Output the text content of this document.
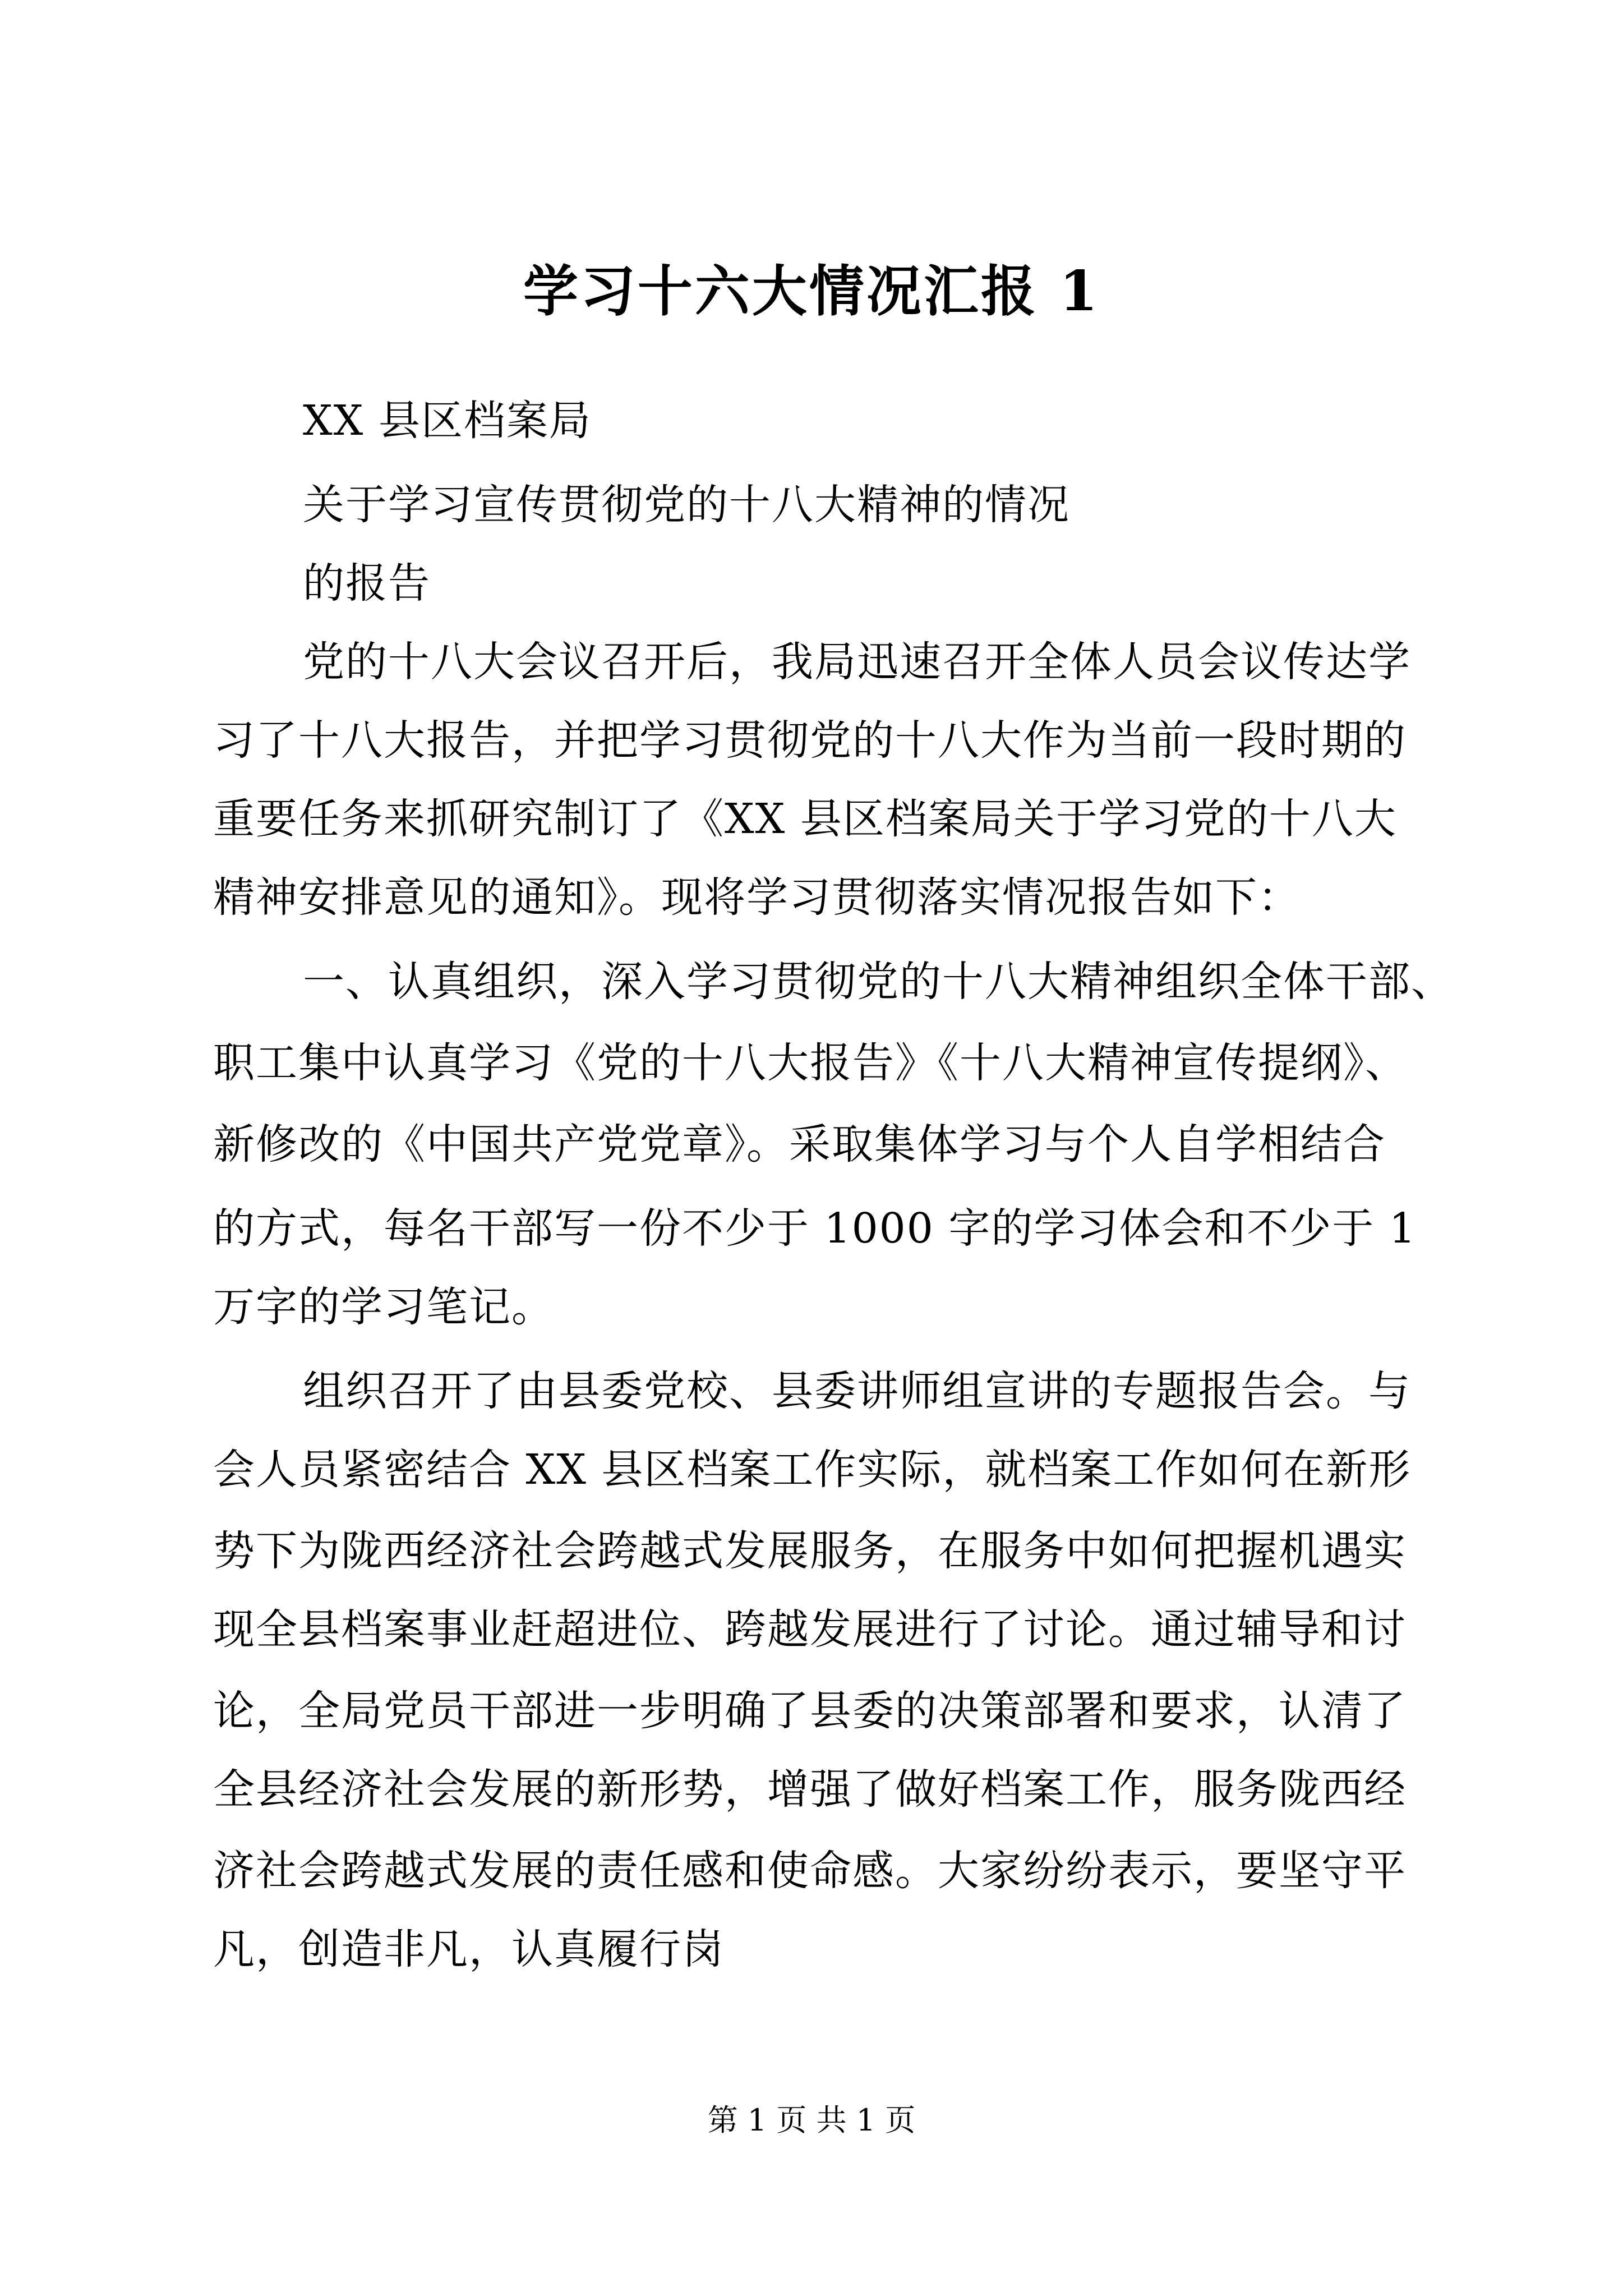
学习十六大情况汇报 1
XX 县区档案局
关于学习宣传贯彻党的十八大精神的情况
的报告
党的十八大会议召开后，我局迅速召开全体人员会议传达学
习了十八大报告，并把学习贯彻党的十八大作为当前一段时期的
重要任务来抓研究制订了《XX 县区档案局关于学习党的十八大
精神安排意见的通知》。现将学习贯彻落实情况报告如下：
一、认真组织，深入学习贯彻党的十八大精神组织全体干部、
职工集中认真学习《党的十八大报告》《十八大精神宣传提纲》、
新修改的《中国共产党党章》。采取集体学习与个人自学相结合
的方式，每名干部写一份不少于 1000 字的学习体会和不少于 1
万字的学习笔记。
组织召开了由县委党校、县委讲师组宣讲的专题报告会。与
会人员紧密结合 XX 县区档案工作实际，就档案工作如何在新形
势下为陇西经济社会跨越式发展服务，在服务中如何把握机遇实
现全县档案事业赶超进位、跨越发展进行了讨论。通过辅导和讨
论，全局党员干部进一步明确了县委的决策部署和要求，认清了
全县经济社会发展的新形势，增强了做好档案工作，服务陇西经
济社会跨越式发展的责任感和使命感。大家纷纷表示，要坚守平
凡，创造非凡，认真履行岗
第 1 页 共 1 页
